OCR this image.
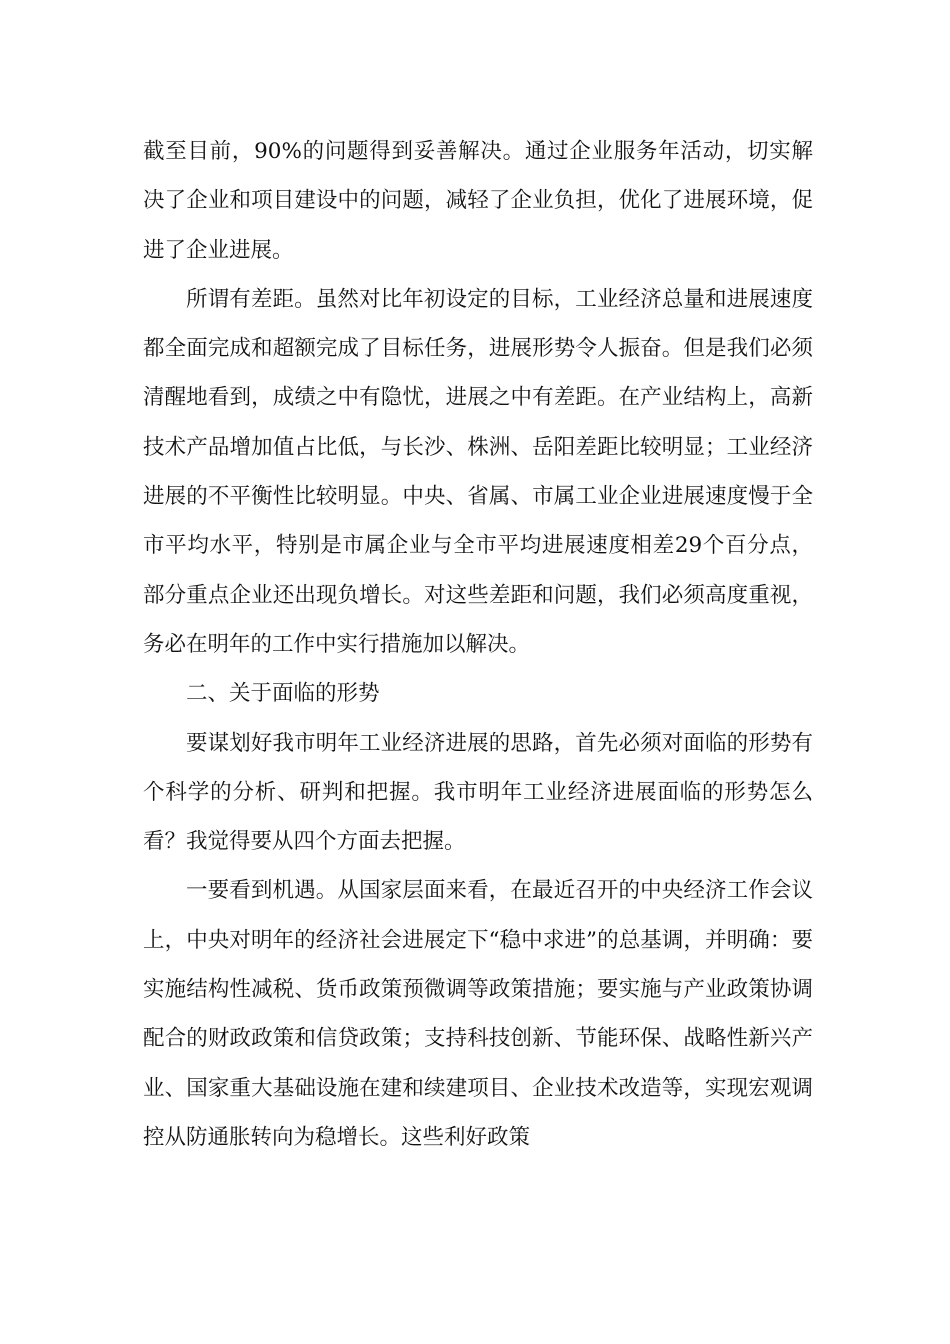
截至目前，90%的问题得到妥善解决。通过企业服务年活动，切实解决了企业和项目建设中的问题，减轻了企业负担，优化了进展环境，促进了企业进展。

所谓有差距。虽然对比年初设定的目标，工业经济总量和进展速度都全面完成和超额完成了目标任务，进展形势令人振奋。但是我们必须清醒地看到，成绩之中有隐忧，进展之中有差距。在产业结构上，高新技术产品增加值占比低，与长沙、株洲、岳阳差距比较明显；工业经济进展的不平衡性比较明显。中央、省属、市属工业企业进展速度慢于全市平均水平，特别是市属企业与全市平均进展速度相差29个百分点，部分重点企业还出现负增长。对这些差距和问题，我们必须高度重视，务必在明年的工作中实行措施加以解决。

二、关于面临的形势

要谋划好我市明年工业经济进展的思路，首先必须对面临的形势有个科学的分析、研判和把握。我市明年工业经济进展面临的形势怎么看？我觉得要从四个方面去把握。

一要看到机遇。从国家层面来看，在最近召开的中央经济工作会议上，中央对明年的经济社会进展定下“稳中求进”的总基调，并明确：要实施结构性减税、货币政策预微调等政策措施；要实施与产业政策协调配合的财政政策和信贷政策；支持科技创新、节能环保、战略性新兴产业、国家重大基础设施在建和续建项目、企业技术改造等，实现宏观调控从防通胀转向为稳增长。这些利好政策
